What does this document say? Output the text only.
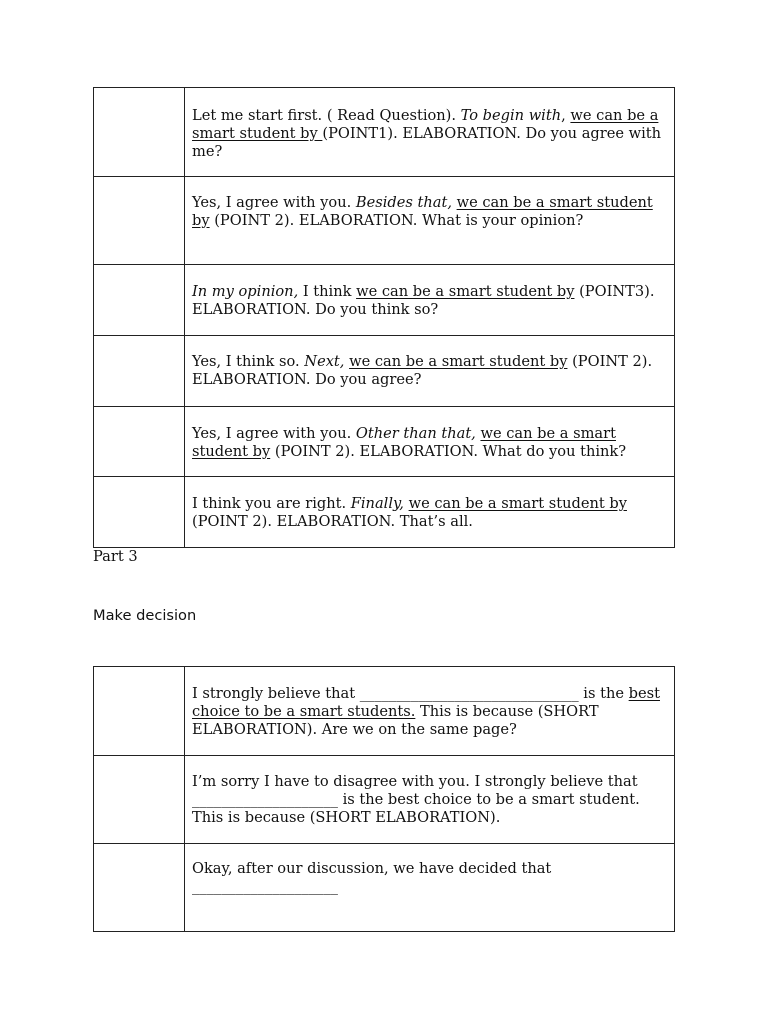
	Let me start first. ( Read Question). To begin with, we can be a smart student by (POINT1). ELABORATION. Do you agree with me?
	Yes, I agree with you. Besides that, we can be a smart student by (POINT 2). ELABORATION. What is your opinion?
	In my opinion, I think we can be a smart student by (POINT3). ELABORATION. Do you think so?
	Yes, I think so. Next, we can be a smart student by (POINT 2). ELABORATION. Do you agree?
	Yes, I agree with you. Other than that, we can be a smart student by (POINT 2). ELABORATION. What do you think?
	I think you are right. Finally, we can be a smart student by (POINT 2). ELABORATION. That’s all.
Part 3
Make decision
	I strongly believe that ______________________________ is the best choice to be a smart students. This is because (SHORT ELABORATION). Are we on the same page?
	I’m sorry I have to disagree with you. I strongly believe that ____________________ is the best choice to be a smart student. This is because (SHORT ELABORATION).

	Okay, after our discussion, we have decided that
____________________
